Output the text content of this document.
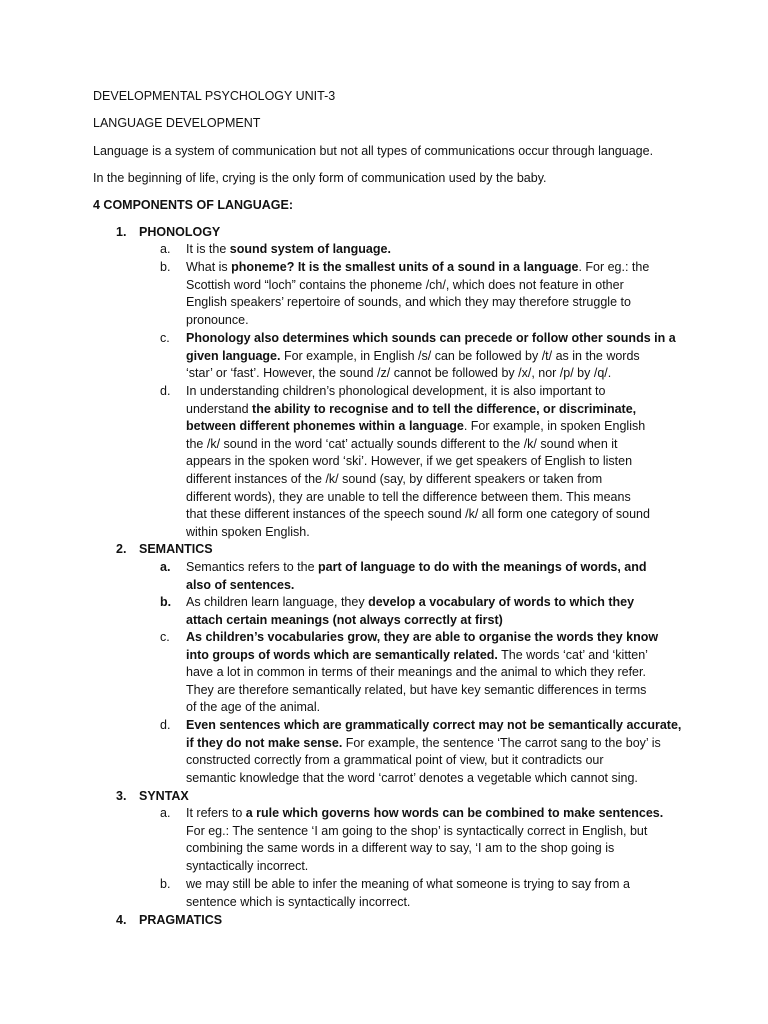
DEVELOPMENTAL PSYCHOLOGY UNIT-3

LANGUAGE DEVELOPMENT

Language is a system of communication but not all types of communications occur through language.

In the beginning of life, crying is the only form of communication used by the baby.

4 COMPONENTS OF LANGUAGE:

1. PHONOLOGY

2. SEMANTICS

3. SYNTAX

4. PRAGMATICS

a.	It is the sound system of language.
b.	What is phoneme? It is the smallest units of a sound in a language. For eg.: the
Scottish word “loch” contains the phoneme /ch/, which does not feature in other
English speakers’ repertoire of sounds, and which they may therefore struggle to
pronounce.
c.	Phonology also determines which sounds can precede or follow other sounds in a
given language. For example, in English /s/ can be followed by /t/ as in the words
‘star’ or ‘fast’. However, the sound /z/ cannot be followed by /x/, nor /p/ by /q/.
d.	In understanding children’s phonological development, it is also important to
understand the ability to recognise and to tell the difference, or discriminate,
between different phonemes within a language. For example, in spoken English
the /k/ sound in the word ‘cat’ actually sounds different to the /k/ sound when it
appears in the spoken word ‘ski’. However, if we get speakers of English to listen
different instances of the /k/ sound (say, by different speakers or taken from
different words), they are unable to tell the difference between them. This means
that these different instances of the speech sound /k/ all form one category of sound
within spoken English.
a.	Semantics refers to the part of language to do with the meanings of words, and
also of sentences.
b.	As children learn language, they develop a vocabulary of words to which they
attach certain meanings (not always correctly at first)
c.	As children’s vocabularies grow, they are able to organise the words they know
into groups of words which are semantically related. The words ‘cat’ and ‘kitten’
have a lot in common in terms of their meanings and the animal to which they refer.
They are therefore semantically related, but have key semantic differences in terms
of the age of the animal.
d.	Even sentences which are grammatically correct may not be semantically accurate,
if they do not make sense. For example, the sentence ‘The carrot sang to the boy’ is
constructed correctly from a grammatical point of view, but it contradicts our
semantic knowledge that the word ‘carrot’ denotes a vegetable which cannot sing.
a.	It refers to a rule which governs how words can be combined to make sentences.
For eg.: The sentence ‘I am going to the shop’ is syntactically correct in English, but
combining the same words in a different way to say, ‘I am to the shop going is
syntactically incorrect.
b.	we may still be able to infer the meaning of what someone is trying to say from a
sentence which is syntactically incorrect.
